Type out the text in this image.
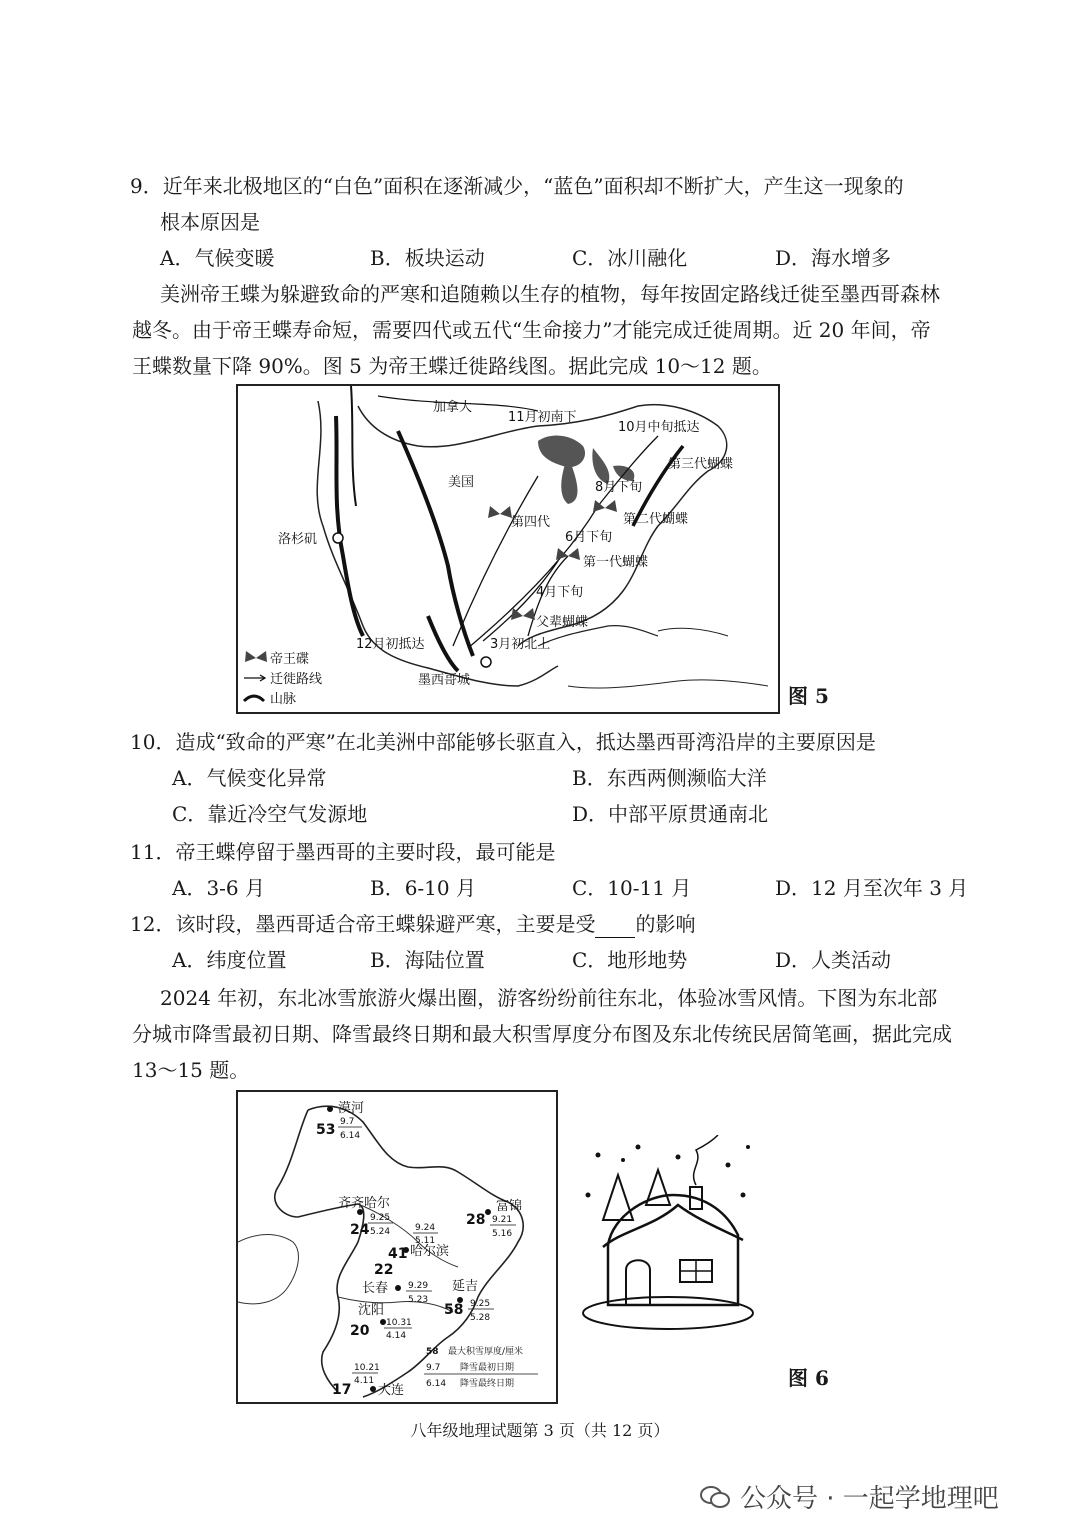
9．近年来北极地区的“白色”面积在逐渐减少，“蓝色”面积却不断扩大，产生这一现象的
根本原因是
A．气候变暖	B．板块运动	C．冰川融化	D．海水增多
美洲帝王蝶为躲避致命的严寒和追随赖以生存的植物，每年按固定路线迁徙至墨西哥森林
越冬。由于帝王蝶寿命短，需要四代或五代“生命接力”才能完成迁徙周期。近 20 年间，帝
王蝶数量下降 90%。图 5 为帝王蝶迁徙路线图。据此完成 10～12 题。
加拿大
美国
洛杉矶
墨西哥城
11月初南下
10月中旬抵达
第三代蝴蝶
8月下旬
第四代	第二代蝴蝶
6月下旬
第一代蝴蝶
4月下旬
父辈蝴蝶
12月初抵达	3月初北上
帝王碟
迁徙路线
山脉	图 5
10．造成“致命的严寒”在北美洲中部能够长驱直入，抵达墨西哥湾沿岸的主要原因是
A．气候变化异常	B．东西两侧濒临大洋
C．靠近冷空气发源地	D．中部平原贯通南北
11．帝王蝶停留于墨西哥的主要时段，最可能是
A．3-6 月	B．6-10 月	C．10-11 月	D．12 月至次年 3 月
12．该时段，墨西哥适合帝王蝶躲避严寒，主要是受 的影响
A．纬度位置	B．海陆位置	C．地形地势	D．人类活动
2024 年初，东北冰雪旅游火爆出圈，游客纷纷前往东北，体验冰雪风情。下图为东北部
分城市降雪最初日期、降雪最终日期和最大积雪厚度分布图及东北传统民居简笔画，据此完成
13～15 题。
漠河
53 9.7
6.14
齐齐哈尔
24
9.25
5.24
富锦
28 9.21
5.16
哈尔滨
41
9.24
5.11
长春
22
9.29
5.23
延吉
58 9.25
5.28
沈阳
20 10.31
4.14
大连
17
10.21
4.11
58 最大积雪厚度/厘米
9.7 降雪最初日期
6.14 降雪最终日期	图 6
八年级地理试题第 3 页（共 12 页）
公众号 · 一起学地理吧
